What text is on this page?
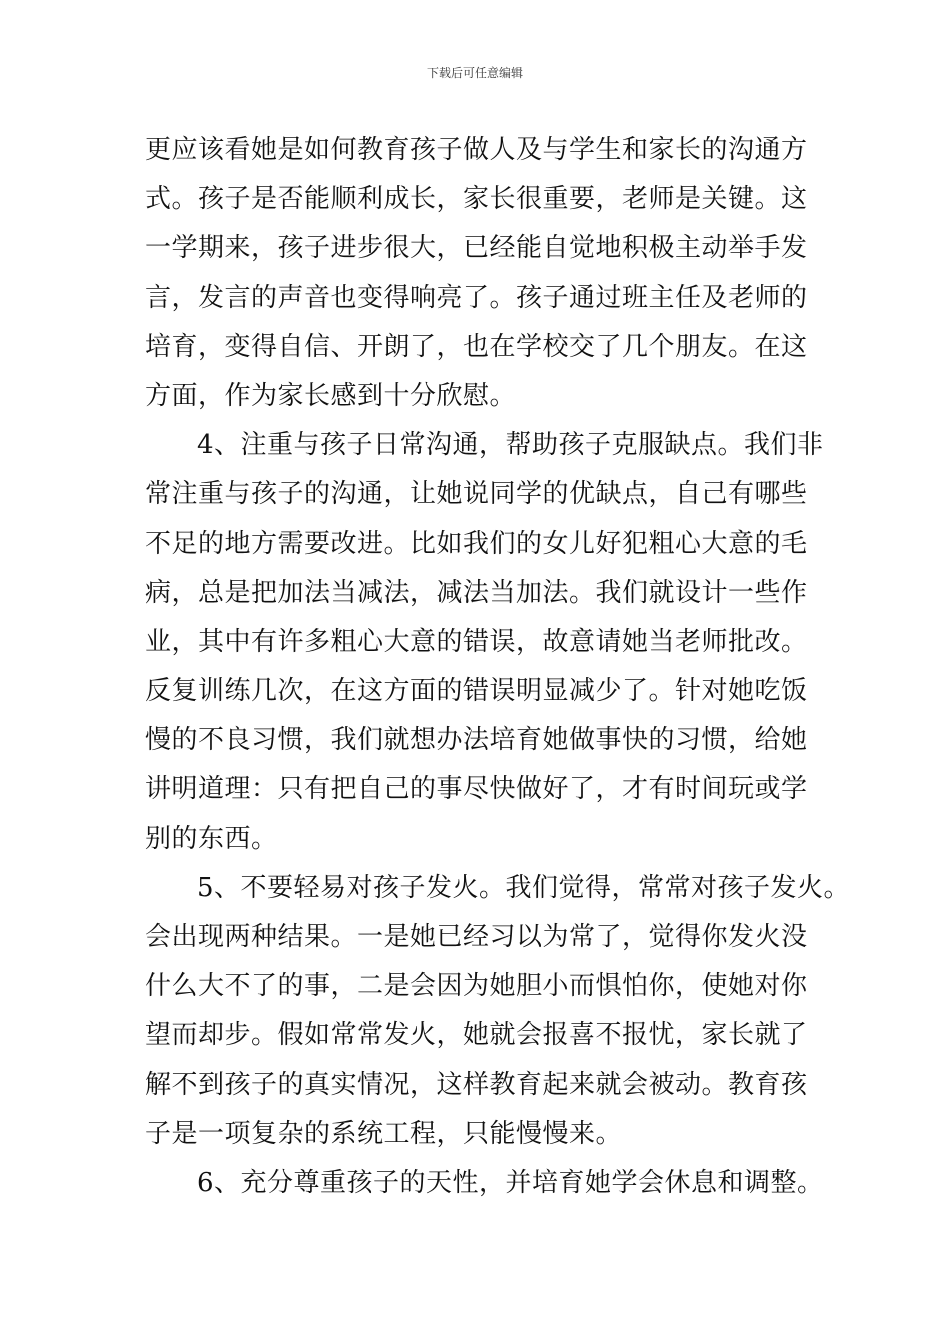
下载后可任意编辑
更应该看她是如何教育孩子做人及与学生和家长的沟通方
式。孩子是否能顺利成长，家长很重要，老师是关键。这
一学期来，孩子进步很大，已经能自觉地积极主动举手发
言，发言的声音也变得响亮了。孩子通过班主任及老师的
培育，变得自信、开朗了，也在学校交了几个朋友。在这
方面，作为家长感到十分欣慰。
4、注重与孩子日常沟通，帮助孩子克服缺点。我们非
常注重与孩子的沟通，让她说同学的优缺点，自己有哪些
不足的地方需要改进。比如我们的女儿好犯粗心大意的毛
病，总是把加法当减法，减法当加法。我们就设计一些作
业，其中有许多粗心大意的错误，故意请她当老师批改。
反复训练几次，在这方面的错误明显减少了。针对她吃饭
慢的不良习惯，我们就想办法培育她做事快的习惯，给她
讲明道理：只有把自己的事尽快做好了，才有时间玩或学
别的东西。
5、不要轻易对孩子发火。我们觉得，常常对孩子发火。
会出现两种结果。一是她已经习以为常了，觉得你发火没
什么大不了的事，二是会因为她胆小而惧怕你，使她对你
望而却步。假如常常发火，她就会报喜不报忧，家长就了
解不到孩子的真实情况，这样教育起来就会被动。教育孩
子是一项复杂的系统工程，只能慢慢来。
6、充分尊重孩子的天性，并培育她学会休息和调整。
